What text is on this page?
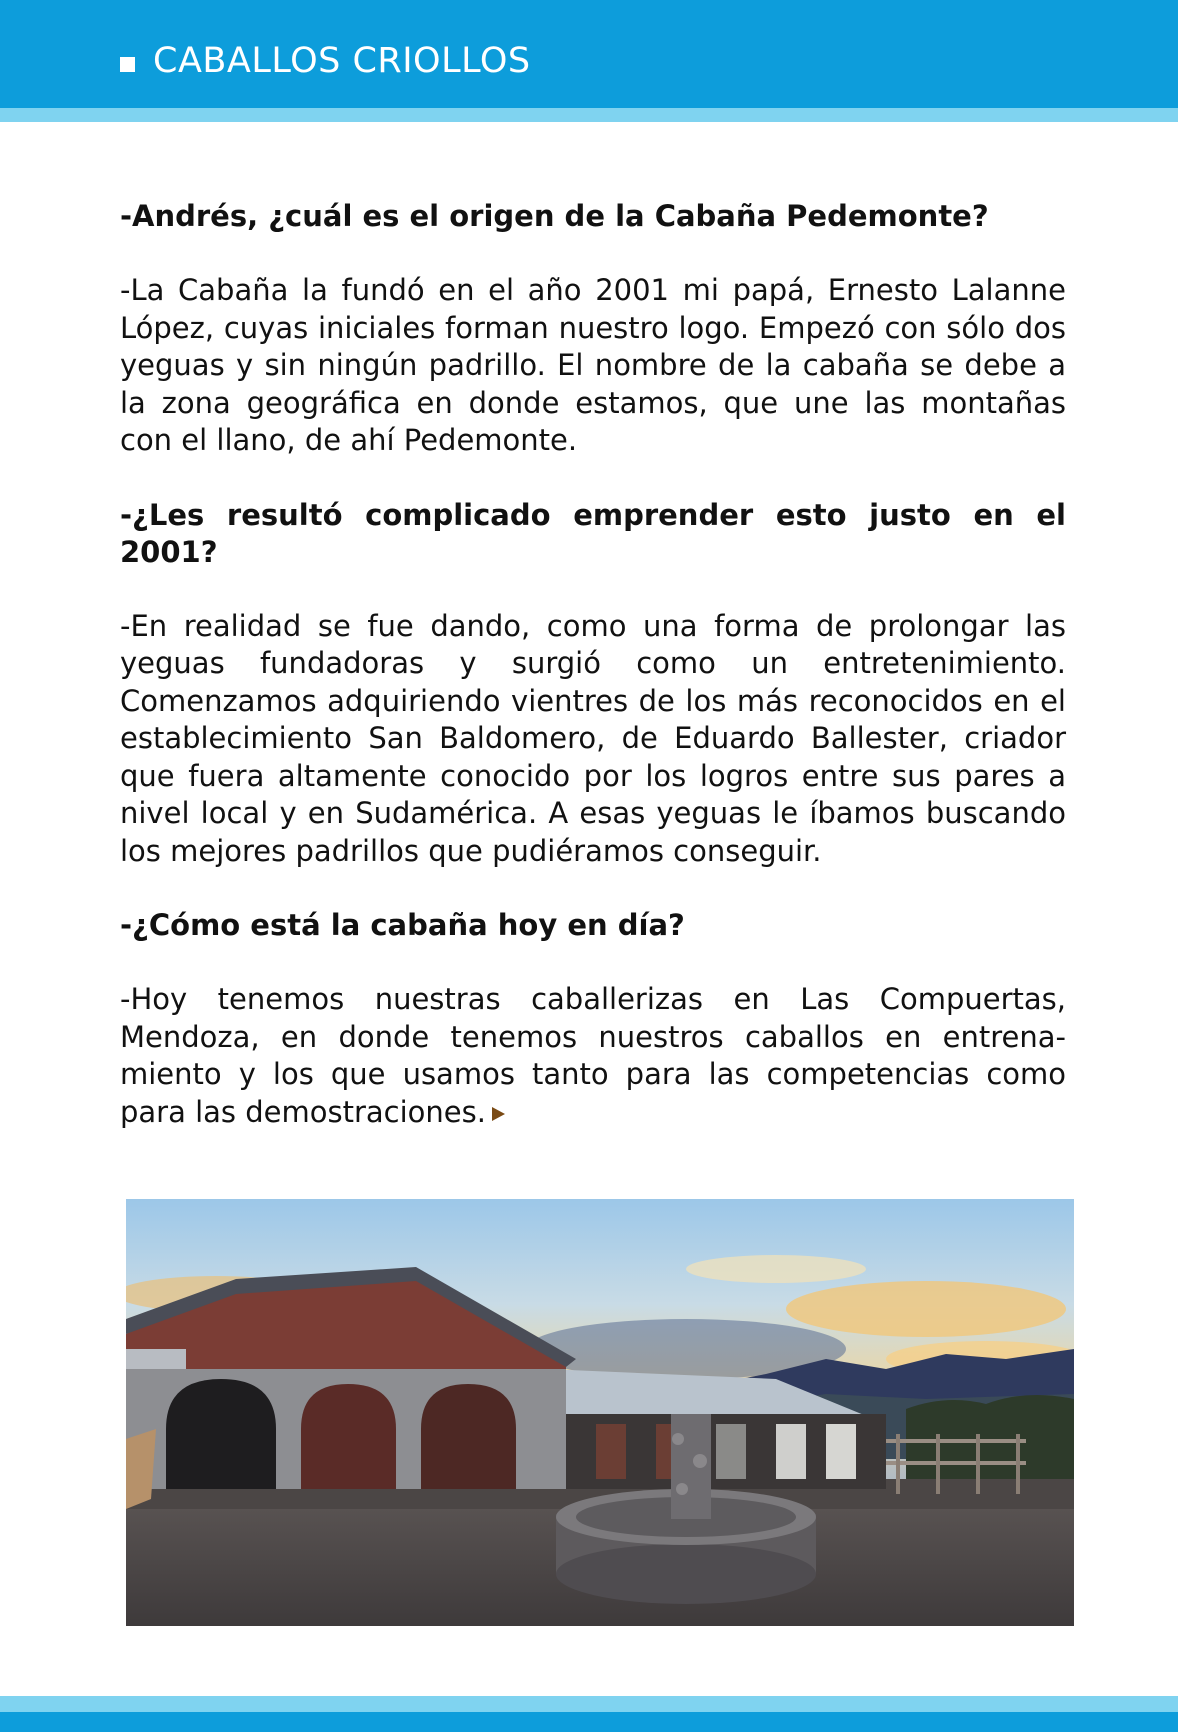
CABALLOS CRIOLLOS

-Andrés, ¿cuál es el origen de la Cabaña Pedemonte?

-La Cabaña la fundó en el año 2001 mi papá, Ernesto Lalanne López, cuyas iniciales forman nuestro logo. Empezó con sólo dos yeguas y sin ningún padrillo. El nombre de la cabaña se debe a la zona geográfica en donde estamos, que une las montañas con el llano, de ahí Pedemonte.

-¿Les resultó complicado emprender esto justo en el 2001?

-En realidad se fue dando, como una forma de prolongar las yeguas fundadoras y surgió como un entretenimiento. Comenzamos adquiriendo vientres de los más reconocidos en el establecimiento San Baldomero, de Eduardo Ballester, criador que fuera altamente conocido por los logros entre sus pares a nivel local y en Sudamérica. A esas yeguas le íbamos buscando los mejores padrillos que pudiéramos conseguir.

-¿Cómo está la cabaña hoy en día?

-Hoy tenemos nuestras caballerizas en Las Compuertas, Mendoza, en donde tenemos nuestros caballos en entrenamiento y los que usamos tanto para las competencias como para las demostraciones.
